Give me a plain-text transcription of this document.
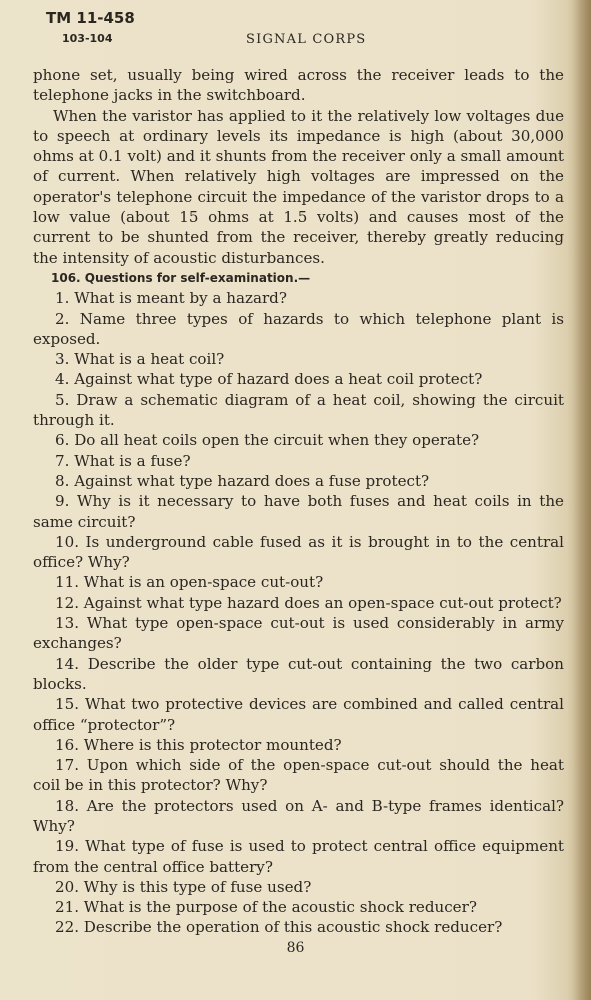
TM 11-458
103-104	SIGNAL CORPS

phone set, usually being wired across the receiver leads to the telephone jacks in the switchboard.

When the varistor has applied to it the relatively low voltages due to speech at ordinary levels its impedance is high (about 30,000 ohms at 0.1 volt) and it shunts from the receiver only a small amount of current. When relatively high voltages are impressed on the operator's telephone circuit the impedance of the varistor drops to a low value (about 15 ohms at 1.5 volts) and causes most of the current to be shunted from the receiver, thereby greatly reducing the intensity of acoustic disturbances.

106. Questions for self-examination.—

1. What is meant by a hazard?

2. Name three types of hazards to which telephone plant is exposed.

3. What is a heat coil?

4. Against what type of hazard does a heat coil protect?

5. Draw a schematic diagram of a heat coil, showing the circuit through it.

6. Do all heat coils open the circuit when they operate?

7. What is a fuse?

8. Against what type hazard does a fuse protect?

9. Why is it necessary to have both fuses and heat coils in the same circuit?

10. Is underground cable fused as it is brought in to the central office? Why?

11. What is an open-space cut-out?

12. Against what type hazard does an open-space cut-out protect?

13. What type open-space cut-out is used considerably in army exchanges?

14. Describe the older type cut-out containing the two carbon blocks.

15. What two protective devices are combined and called central office “protector”?

16. Where is this protector mounted?

17. Upon which side of the open-space cut-out should the heat coil be in this protector? Why?

18. Are the protectors used on A- and B-type frames identical? Why?

19. What type of fuse is used to protect central office equipment from the central office battery?

20. Why is this type of fuse used?

21. What is the purpose of the acoustic shock reducer?

22. Describe the operation of this acoustic shock reducer?

86
